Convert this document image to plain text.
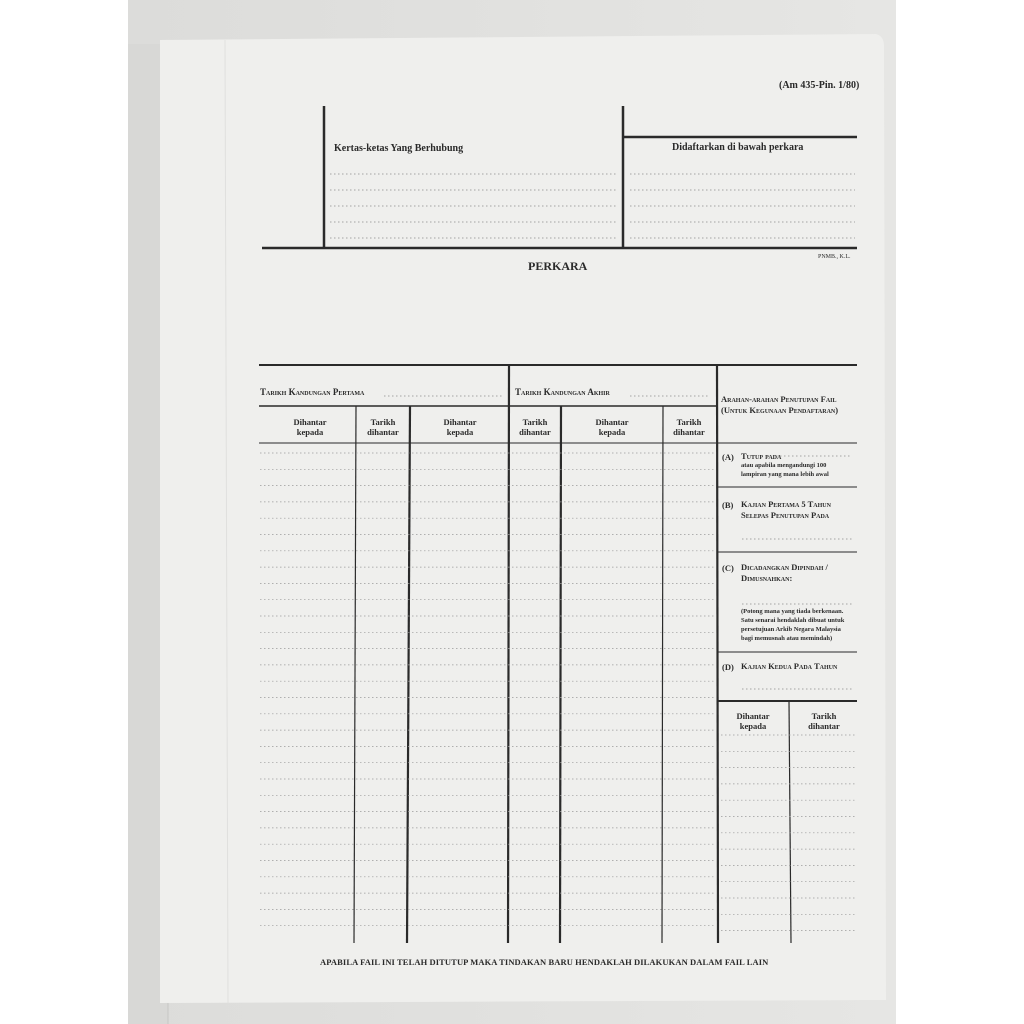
(Am 435-Pin. 1/80)
Kertas-ketas Yang Berhubung	Didaftarkan di bawah perkara
PNMB., K.L.
PERKARA
Tarikh Kandungan Pertama	Tarikh Kandungan Akhir
Dihantar kepada
Tarikh dihantar
Dihantar kepada
Tarikh dihantar
Dihantar kepada
Tarikh dihantar
Arahan-arahan Penutupan Fail
(Untuk Kegunaan Pendaftaran)
(A) Tutup pada
atau apabila mengandungi 100
lampiran yang mana lebih awal
(B) Kajian Pertama 5 Tahun
Selepas Penutupan Pada
(C) Dicadangkan Dipindah /
Dimusnahkan:
(Potong mana yang tiada berkenaan.
Satu senarai hendaklah dibuat untuk
persetujuan Arkib Negara Malaysia
bagi memusnah atau memindah)
(D) Kajian Kedua Pada Tahun
Dihantar kepada
Tarikh dihantar
APABILA FAIL INI TELAH DITUTUP MAKA TINDAKAN BARU HENDAKLAH DILAKUKAN DALAM FAIL LAIN
